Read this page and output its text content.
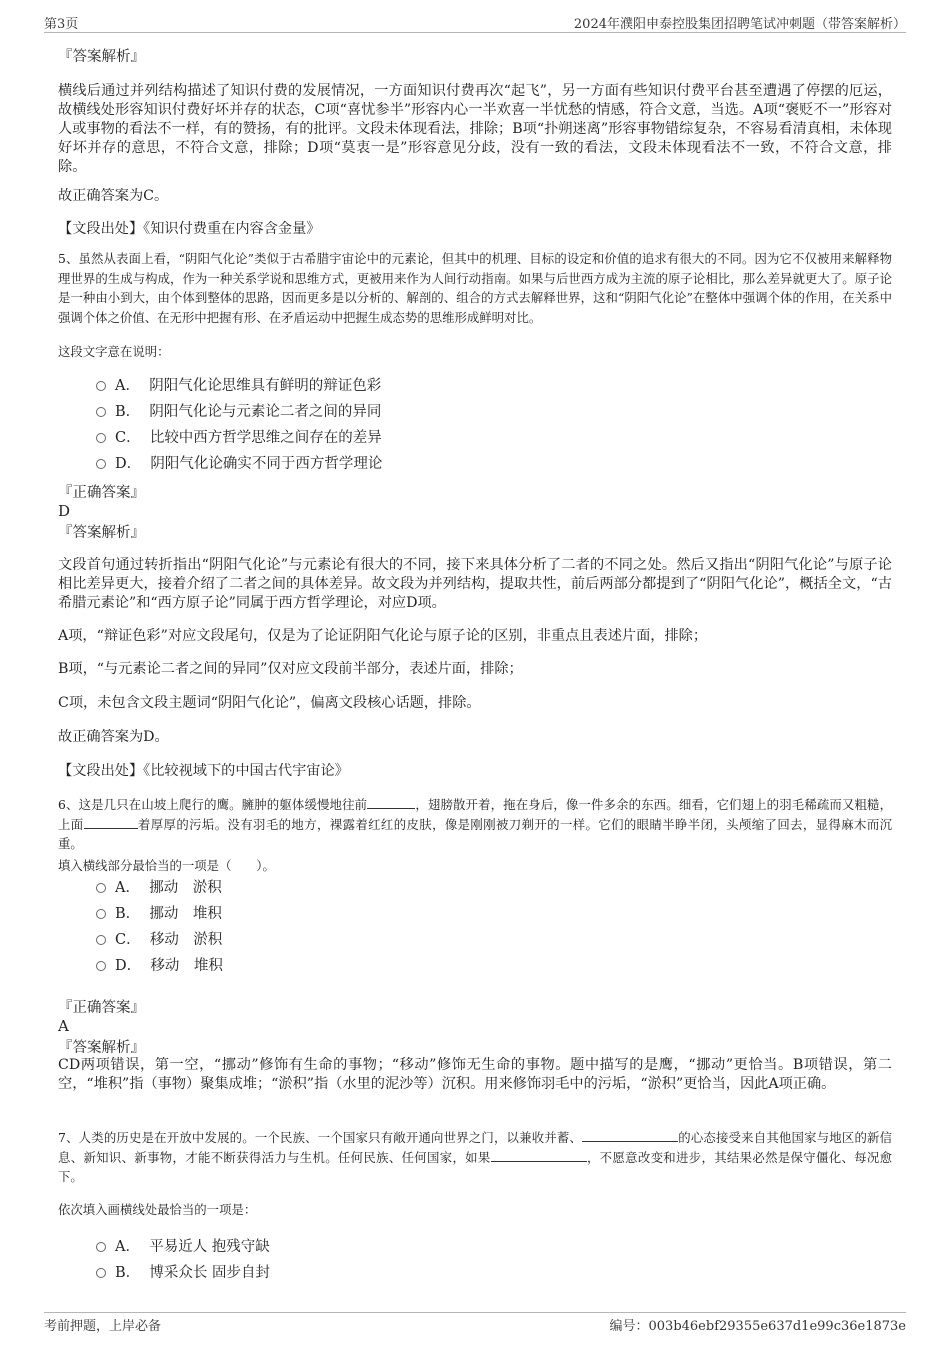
第3页	2024年濮阳申泰控股集团招聘笔试冲刺题（带答案解析）
『答案解析』

横线后通过并列结构描述了知识付费的发展情况，一方面知识付费再次“起飞”，另一方面有些知识付费平台甚至遭遇了停摆的厄运，故横线处形容知识付费好坏并存的状态，C项“喜忧参半”形容内心一半欢喜一半忧愁的情感，符合文意，当选。A项“褒贬不一”形容对人或事物的看法不一样，有的赞扬，有的批评。文段未体现看法，排除；B项“扑朔迷离”形容事物错综复杂，不容易看清真相，未体现好坏并存的意思，不符合文意，排除；D项“莫衷一是”形容意见分歧，没有一致的看法，文段未体现看法不一致，不符合文意，排除。

故正确答案为C。
【文段出处】《知识付费重在内容含金量》

5、虽然从表面上看，“阴阳气化论”类似于古希腊宇宙论中的元素论，但其中的机理、目标的设定和价值的追求有很大的不同。因为它不仅被用来解释物理世界的生成与构成，作为一种关系学说和思维方式，更被用来作为人间行动指南。如果与后世西方成为主流的原子论相比，那么差异就更大了。原子论是一种由小到大，由个体到整体的思路，因而更多是以分析的、解剖的、组合的方式去解释世界，这和“阴阳气化论”在整体中强调个体的作用，在关系中强调个体之价值、在无形中把握有形、在矛盾运动中把握生成态势的思维形成鲜明对比。

这段文字意在说明：
A．  阴阳气化论思维具有鲜明的辩证色彩
B．  阴阳气化论与元素论二者之间的异同
C．  比较中西方哲学思维之间存在的差异
D．  阴阳气化论确实不同于西方哲学理论
『正确答案』
D
『答案解析』

文段首句通过转折指出“阴阳气化论”与元素论有很大的不同，接下来具体分析了二者的不同之处。然后又指出“阴阳气化论”与原子论相比差异更大，接着介绍了二者之间的具体差异。故文段为并列结构，提取共性，前后两部分都提到了“阴阳气化论”，概括全文，“古希腊元素论”和“西方原子论”同属于西方哲学理论，对应D项。

A项，“辩证色彩”对应文段尾句，仅是为了论证阴阳气化论与原子论的区别，非重点且表述片面，排除；
B项，“与元素论二者之间的异同”仅对应文段前半部分，表述片面，排除；
C项，未包含文段主题词“阴阳气化论”，偏离文段核心话题，排除。
故正确答案为D。
【文段出处】《比较视域下的中国古代宇宙论》

6、这是几只在山坡上爬行的鹰。臃肿的躯体缓慢地往前	，翅膀散开着，拖在身后，像一件多余的东西。细看，它们翅上的羽毛稀疏而又粗糙，上面	着厚厚的污垢。没有羽毛的地方，裸露着红红的皮肤，像是刚刚被刀剃开的一样。它们的眼睛半睁半闭，头颅缩了回去，显得麻木而沉重。

填入横线部分最恰当的一项是（　　）。
A．  挪动　淤积
B．  挪动　堆积
C．  移动　淤积
D．  移动　堆积
『正确答案』
A
『答案解析』

CD两项错误，第一空，“挪动”修饰有生命的事物；“移动”修饰无生命的事物。题中描写的是鹰，“挪动”更恰当。B项错误，第二空，“堆积”指（事物）聚集成堆；“淤积”指（水里的泥沙等）沉积。用来修饰羽毛中的污垢，“淤积”更恰当，因此A项正确。

7、人类的历史是在开放中发展的。一个民族、一个国家只有敞开通向世界之门，以兼收并蓄、	的心态接受来自其他国家与地区的新信息、新知识、新事物，才能不断获得活力与生机。任何民族、任何国家，如果	，不愿意改变和进步，其结果必然是保守僵化、每况愈下。

依次填入画横线处最恰当的一项是：
A．  平易近人 抱残守缺
B．  博采众长 固步自封
考前押题，上岸必备	编号：003b46ebf29355e637d1e99c36e1873e
